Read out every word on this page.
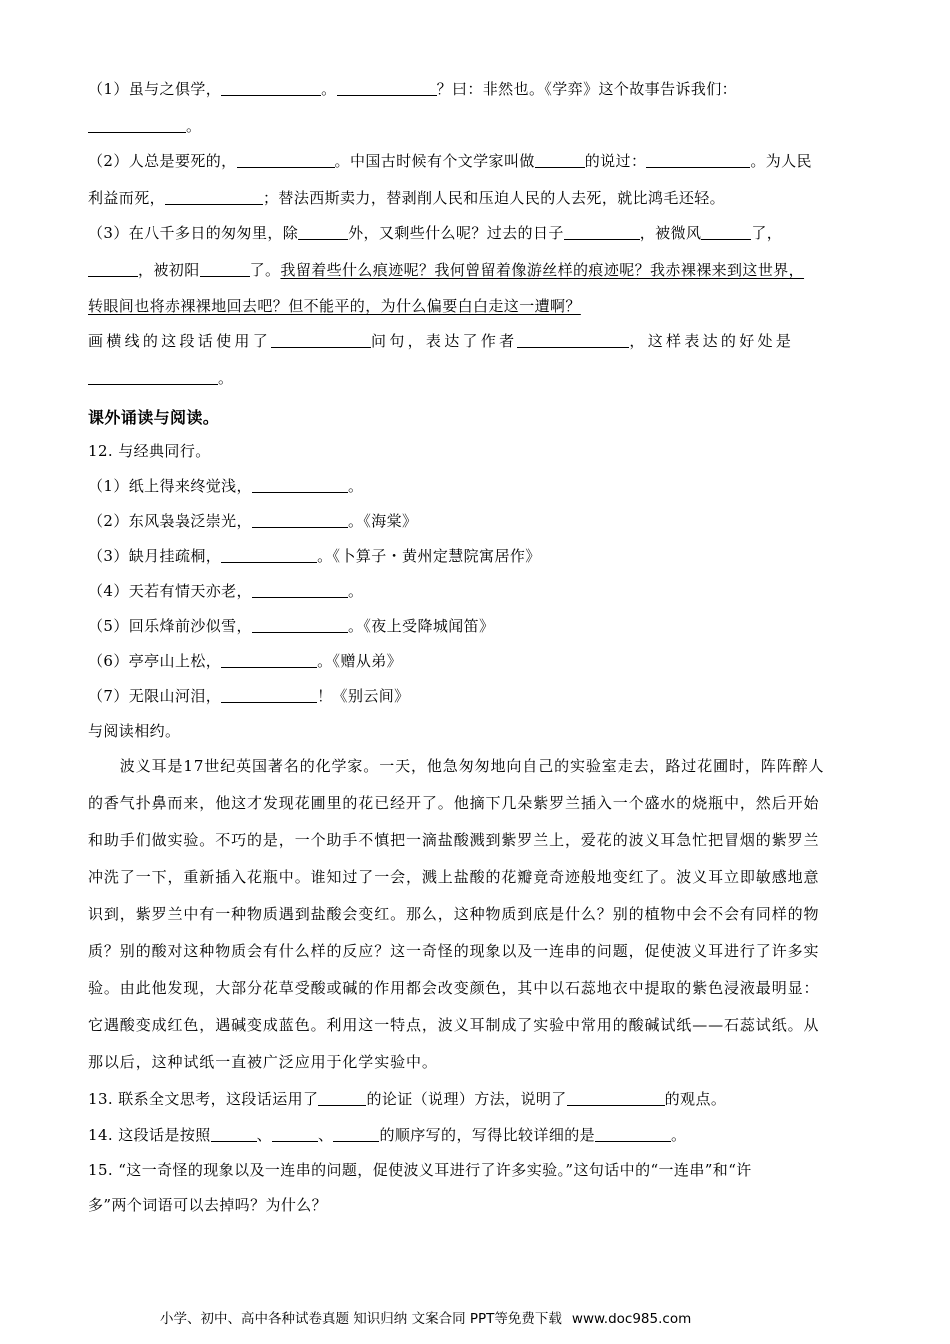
（1）虽与之俱学，	。	？曰：非然也。《学弈》这个故事告诉我们：
。
（2）人总是要死的，	。中国古时候有个文学家叫做	的说过：	。为人民
利益而死，	；替法西斯卖力，替剥削人民和压迫人民的人去死，就比鸿毛还轻。
（3）在八千多日的匆匆里，除	外，又剩些什么呢？过去的日子	，被微风	了，
，被初阳	了。我留着些什么痕迹呢？我何曾留着像游丝样的痕迹呢？我赤裸裸来到这世界，
转眼间也将赤裸裸地回去吧？但不能平的，为什么偏要白白走这一遭啊？
画横线的这段话使用了	问句，表达了作者	，这样表达的好处是
。
课外诵读与阅读。
12. 与经典同行。
（1）纸上得来终觉浅，	。
（2）东风袅袅泛崇光，	。《海棠》
（3）缺月挂疏桐，	。《卜算子・黄州定慧院寓居作》
（4）天若有情天亦老，	。
（5）回乐烽前沙似雪，	。《夜上受降城闻笛》
（6）亭亭山上松，	。《赠从弟》
（7）无限山河泪，	！《别云间》
与阅读相约。
　　波义耳是17世纪英国著名的化学家。一天，他急匆匆地向自己的实验室走去，路过花圃时，阵阵醉人
的香气扑鼻而来，他这才发现花圃里的花已经开了。他摘下几朵紫罗兰插入一个盛水的烧瓶中，然后开始
和助手们做实验。不巧的是，一个助手不慎把一滴盐酸溅到紫罗兰上，爱花的波义耳急忙把冒烟的紫罗兰
冲洗了一下，重新插入花瓶中。谁知过了一会，溅上盐酸的花瓣竟奇迹般地变红了。波义耳立即敏感地意
识到，紫罗兰中有一种物质遇到盐酸会变红。那么，这种物质到底是什么？别的植物中会不会有同样的物
质？别的酸对这种物质会有什么样的反应？这一奇怪的现象以及一连串的问题，促使波义耳进行了许多实
验。由此他发现，大部分花草受酸或碱的作用都会改变颜色，其中以石蕊地衣中提取的紫色浸液最明显：
它遇酸变成红色，遇碱变成蓝色。利用这一特点，波义耳制成了实验中常用的酸碱试纸——石蕊试纸。从
那以后，这种试纸一直被广泛应用于化学实验中。
13. 联系全文思考，这段话运用了	的论证（说理）方法，说明了	的观点。
14. 这段话是按照	、	、	的顺序写的，写得比较详细的是	。
15. “这一奇怪的现象以及一连串的问题，促使波义耳进行了许多实验。”这句话中的“一连串”和“许
多”两个词语可以去掉吗？为什么？
小学、初中、高中各种试卷真题 知识归纳 文案合同 PPT等免费下载 www.doc985.com
